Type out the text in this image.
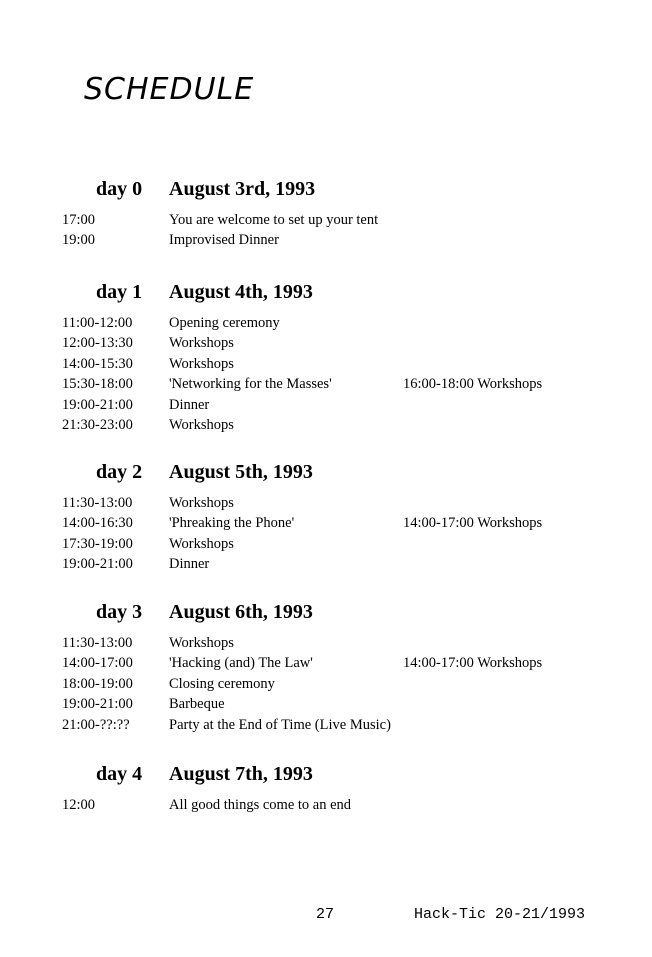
SCHEDULE
day 0 August 3rd, 1993
17:00	You are welcome to set up your tent
19:00	Improvised Dinner
day 1 August 4th, 1993
11:00-12:00	Opening ceremony
12:00-13:30 Workshops
14:00-15:30 Workshops
15:30-18:00 'Networking for the Masses'	16:00-18:00 Workshops
19:00-21:00 Dinner
21:30-23:00 Workshops
day 2 August 5th, 1993
11:30-13:00	Workshops
14:00-16:30 'Phreaking the Phone'	14:00-17:00 Workshops
17:30-19:00 Workshops
19:00-21:00 Dinner
day 3 August 6th, 1993
11:30-13:00	Workshops
14:00-17:00 'Hacking (and) The Law'	14:00-17:00 Workshops
18:00-19:00 Closing ceremony
19:00-21:00 Barbeque
21:00-??:??	Party at the End of Time (Live Music)
day 4 August 7th, 1993
12:00	All good things come to an end
27	Hack-Tic 20-21/1993
